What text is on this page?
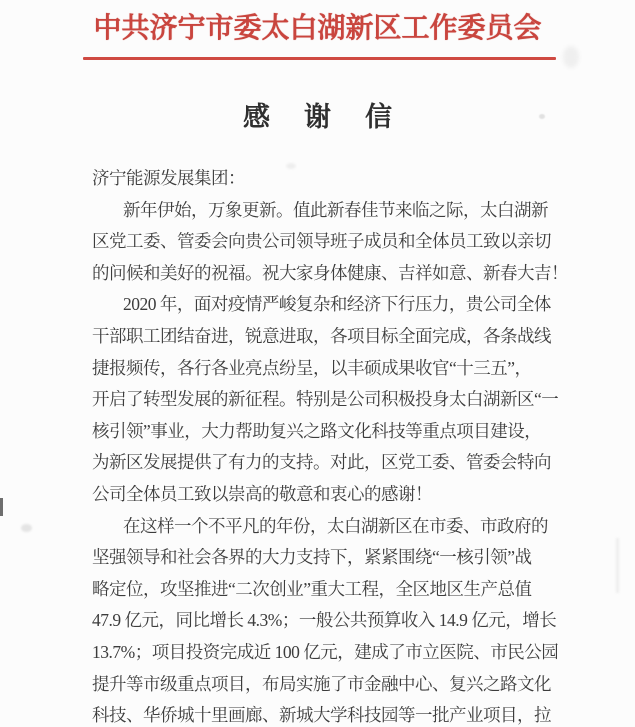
中共济宁市委太白湖新区工作委员会
感 谢 信
济宁能源发展集团：
新年伊始，万象更新。值此新春佳节来临之际，太白湖新
区党工委、管委会向贵公司领导班子成员和全体员工致以亲切
的问候和美好的祝福。祝大家身体健康、吉祥如意、新春大吉！
2020 年，面对疫情严峻复杂和经济下行压力，贵公司全体
干部职工团结奋进，锐意进取，各项目标全面完成，各条战线
捷报频传，各行各业亮点纷呈，以丰硕成果收官“十三五”，
开启了转型发展的新征程。特别是公司积极投身太白湖新区“一
核引领”事业，大力帮助复兴之路文化科技等重点项目建设，
为新区发展提供了有力的支持。对此，区党工委、管委会特向
公司全体员工致以崇高的敬意和衷心的感谢！
在这样一个不平凡的年份，太白湖新区在市委、市政府的
坚强领导和社会各界的大力支持下，紧紧围绕“一核引领”战
略定位，攻坚推进“二次创业”重大工程，全区地区生产总值
47.9 亿元，同比增长 4.3%；一般公共预算收入 14.9 亿元，增长
13.7%；项目投资完成近 100 亿元，建成了市立医院、市民公园
提升等市级重点项目，布局实施了市金融中心、复兴之路文化
科技、华侨城十里画廊、新城大学科技园等一批产业项目，拉
